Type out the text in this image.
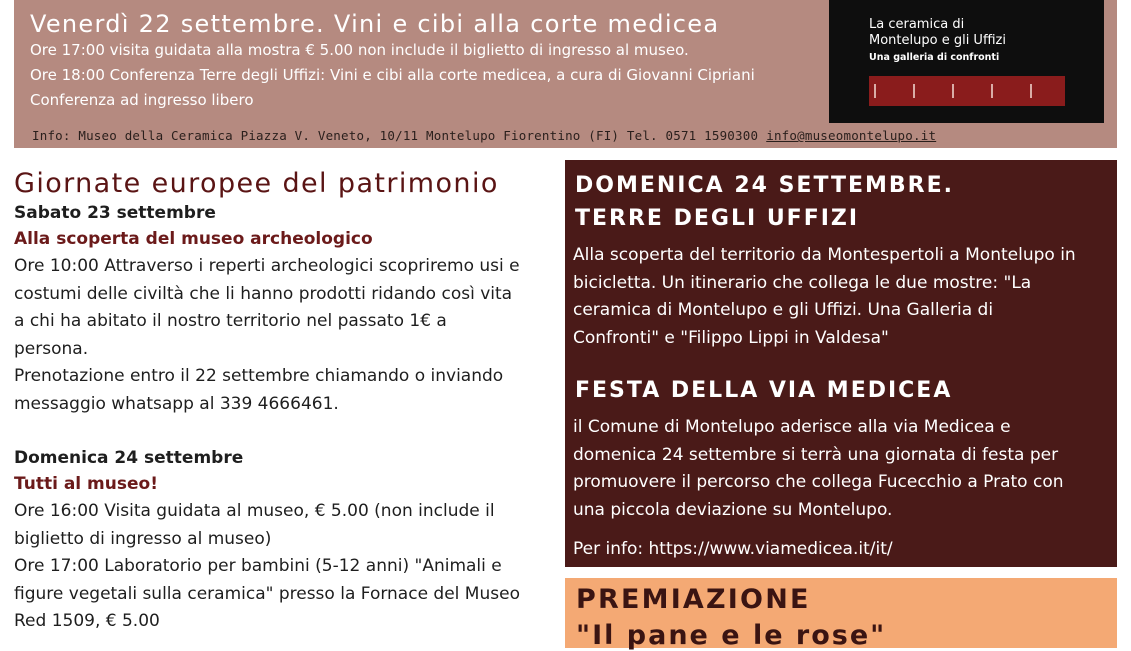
Venerdì 22 settembre. Vini e cibi alla corte medicea
Ore 17:00 visita guidata alla mostra € 5.00 non include il biglietto di ingresso al museo.
Ore 18:00 Conferenza Terre degli Uffizi: Vini e cibi alla corte medicea, a cura di Giovanni Cipriani
Conferenza ad ingresso libero
Info: Museo della Ceramica Piazza V. Veneto, 10/11 Montelupo Fiorentino (FI) Tel. 0571 1590300 info@museomontelupo.it
La ceramica di
Montelupo e gli Uffizi
Una galleria di confronti
Giornate europee del patrimonio
Sabato 23 settembre
Alla scoperta del museo archeologico
Ore 10:00 Attraverso i reperti archeologici scopriremo usi e
costumi delle civiltà che li hanno prodotti ridando così vita
a chi ha abitato il nostro territorio nel passato 1€ a
persona.
Prenotazione entro il 22 settembre chiamando o inviando
messaggio whatsapp al 339 4666461.
Domenica 24 settembre
Tutti al museo!
Ore 16:00 Visita guidata al museo, € 5.00 (non include il
biglietto di ingresso al museo)
Ore 17:00 Laboratorio per bambini (5-12 anni) "Animali e
figure vegetali sulla ceramica" presso la Fornace del Museo
Red 1509, € 5.00
DOMENICA 24 SETTEMBRE.
TERRE DEGLI UFFIZI
Alla scoperta del territorio da Montespertoli a Montelupo in
bicicletta. Un itinerario che collega le due mostre: "La
ceramica di Montelupo e gli Uffizi. Una Galleria di
Confronti" e "Filippo Lippi in Valdesa"
FESTA DELLA VIA MEDICEA
il Comune di Montelupo aderisce alla via Medicea e
domenica 24 settembre si terrà una giornata di festa per
promuovere il percorso che collega Fucecchio a Prato con
una piccola deviazione su Montelupo.
Per info: https://www.viamedicea.it/it/
PREMIAZIONE
"Il pane e le rose"
